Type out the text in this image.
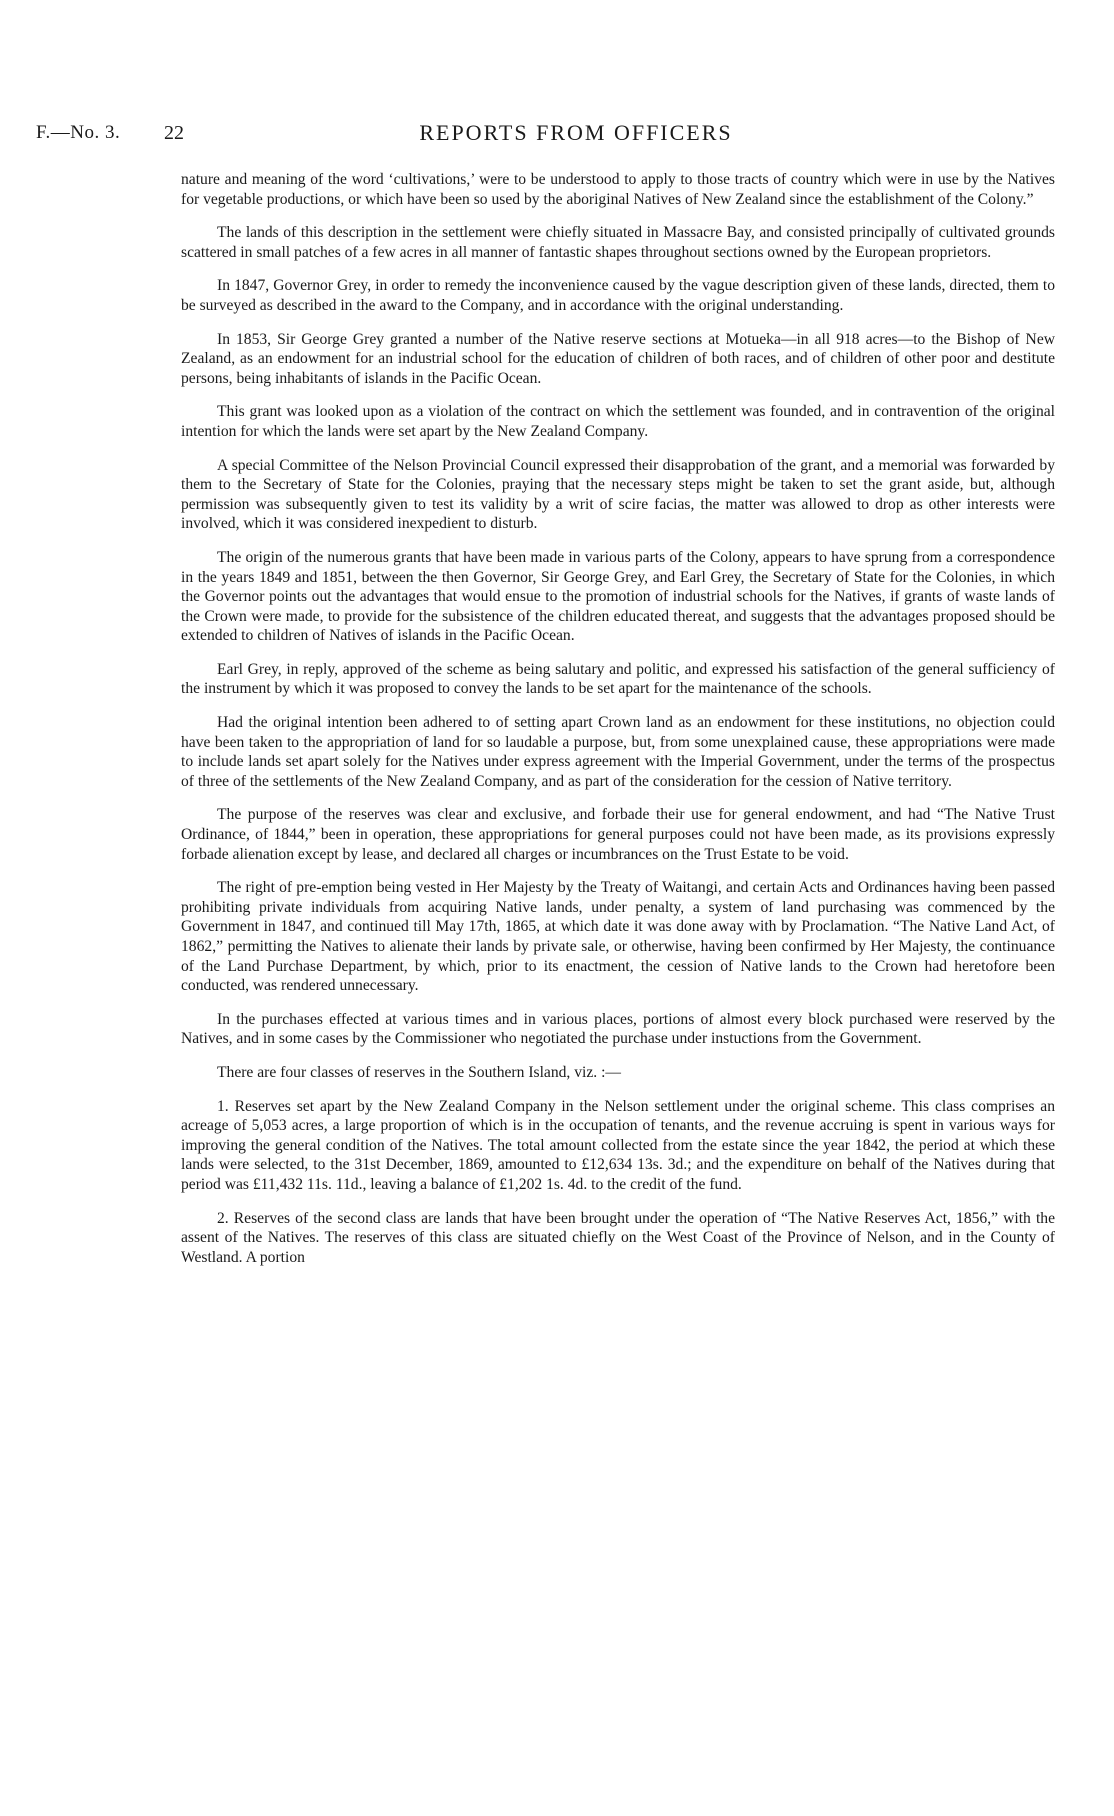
F.—No. 3. 22	REPORTS FROM OFFICERS

nature and meaning of the word ‘cultivations,’ were to be understood to apply to those tracts of country which were in use by the Natives for vegetable productions, or which have been so used by the aboriginal Natives of New Zealand since the establishment of the Colony.”

The lands of this description in the settlement were chiefly situated in Massacre Bay, and consisted principally of cultivated grounds scattered in small patches of a few acres in all manner of fantastic shapes throughout sections owned by the European proprietors.

In 1847, Governor Grey, in order to remedy the inconvenience caused by the vague description given of these lands, directed, them to be surveyed as described in the award to the Company, and in accordance with the original understanding.

In 1853, Sir George Grey granted a number of the Native reserve sections at Motueka—in all 918 acres—to the Bishop of New Zealand, as an endowment for an industrial school for the education of children of both races, and of children of other poor and destitute persons, being inhabitants of islands in the Pacific Ocean.

This grant was looked upon as a violation of the contract on which the settlement was founded, and in contravention of the original intention for which the lands were set apart by the New Zealand Company.

A special Committee of the Nelson Provincial Council expressed their disapprobation of the grant, and a memorial was forwarded by them to the Secretary of State for the Colonies, praying that the necessary steps might be taken to set the grant aside, but, although permission was subsequently given to test its validity by a writ of scire facias, the matter was allowed to drop as other interests were involved, which it was considered inexpedient to disturb.

The origin of the numerous grants that have been made in various parts of the Colony, appears to have sprung from a correspondence in the years 1849 and 1851, between the then Governor, Sir George Grey, and Earl Grey, the Secretary of State for the Colonies, in which the Governor points out the advantages that would ensue to the promotion of industrial schools for the Natives, if grants of waste lands of the Crown were made, to provide for the subsistence of the children educated thereat, and suggests that the advantages proposed should be extended to children of Natives of islands in the Pacific Ocean.

Earl Grey, in reply, approved of the scheme as being salutary and politic, and expressed his satisfaction of the general sufficiency of the instrument by which it was proposed to convey the lands to be set apart for the maintenance of the schools.

Had the original intention been adhered to of setting apart Crown land as an endowment for these institutions, no objection could have been taken to the appropriation of land for so laudable a purpose, but, from some unexplained cause, these appropriations were made to include lands set apart solely for the Natives under express agreement with the Imperial Government, under the terms of the prospectus of three of the settlements of the New Zealand Company, and as part of the consideration for the cession of Native territory.

The purpose of the reserves was clear and exclusive, and forbade their use for general endowment, and had “The Native Trust Ordinance, of 1844,” been in operation, these appropriations for general purposes could not have been made, as its provisions expressly forbade alienation except by lease, and declared all charges or incumbrances on the Trust Estate to be void.

The right of pre-emption being vested in Her Majesty by the Treaty of Waitangi, and certain Acts and Ordinances having been passed prohibiting private individuals from acquiring Native lands, under penalty, a system of land purchasing was commenced by the Government in 1847, and continued till May 17th, 1865, at which date it was done away with by Proclamation. “The Native Land Act, of 1862,” permitting the Natives to alienate their lands by private sale, or otherwise, having been confirmed by Her Majesty, the continuance of the Land Purchase Department, by which, prior to its enactment, the cession of Native lands to the Crown had heretofore been conducted, was rendered unnecessary.

In the purchases effected at various times and in various places, portions of almost every block purchased were reserved by the Natives, and in some cases by the Commissioner who negotiated the purchase under instuctions from the Government.

There are four classes of reserves in the Southern Island, viz. :—

1. Reserves set apart by the New Zealand Company in the Nelson settlement under the original scheme. This class comprises an acreage of 5,053 acres, a large proportion of which is in the occupation of tenants, and the revenue accruing is spent in various ways for improving the general condition of the Natives. The total amount collected from the estate since the year 1842, the period at which these lands were selected, to the 31st December, 1869, amounted to £12,634 13s. 3d.; and the expenditure on behalf of the Natives during that period was £11,432 11s. 11d., leaving a balance of £1,202 1s. 4d. to the credit of the fund.

2. Reserves of the second class are lands that have been brought under the operation of “The Native Reserves Act, 1856,” with the assent of the Natives. The reserves of this class are situated chiefly on the West Coast of the Province of Nelson, and in the County of Westland. A portion
